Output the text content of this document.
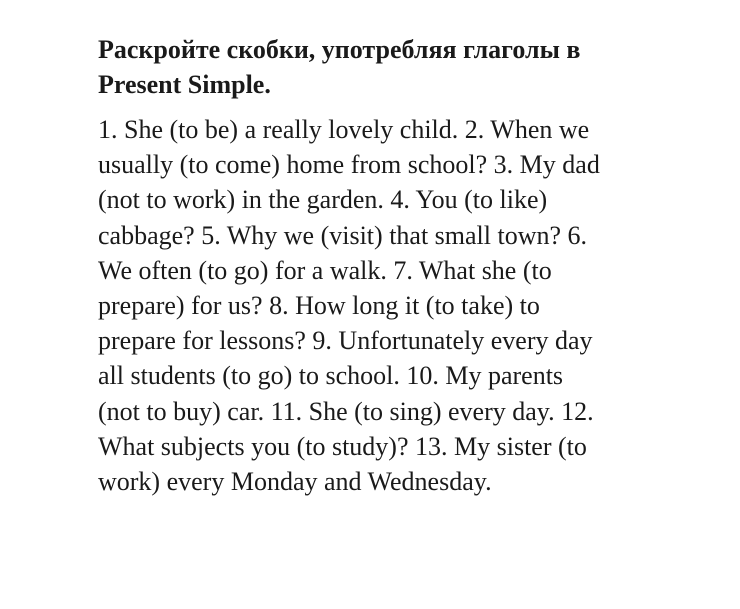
Раскройте скобки, употребляя глаголы в
Present Simple.
1. She (to be) a really lovely child. 2. When we
usually (to come) home from school? 3. My dad
(not to work) in the garden. 4. You (to like)
cabbage? 5. Why we (visit) that small town? 6.
We often (to go) for a walk. 7. What she (to
prepare) for us? 8. How long it (to take) to
prepare for lessons? 9. Unfortunately every day
all students (to go) to school. 10. My parents
(not to buy) car. 11. She (to sing) every day. 12.
What subjects you (to study)? 13. My sister (to
work) every Monday and Wednesday.
